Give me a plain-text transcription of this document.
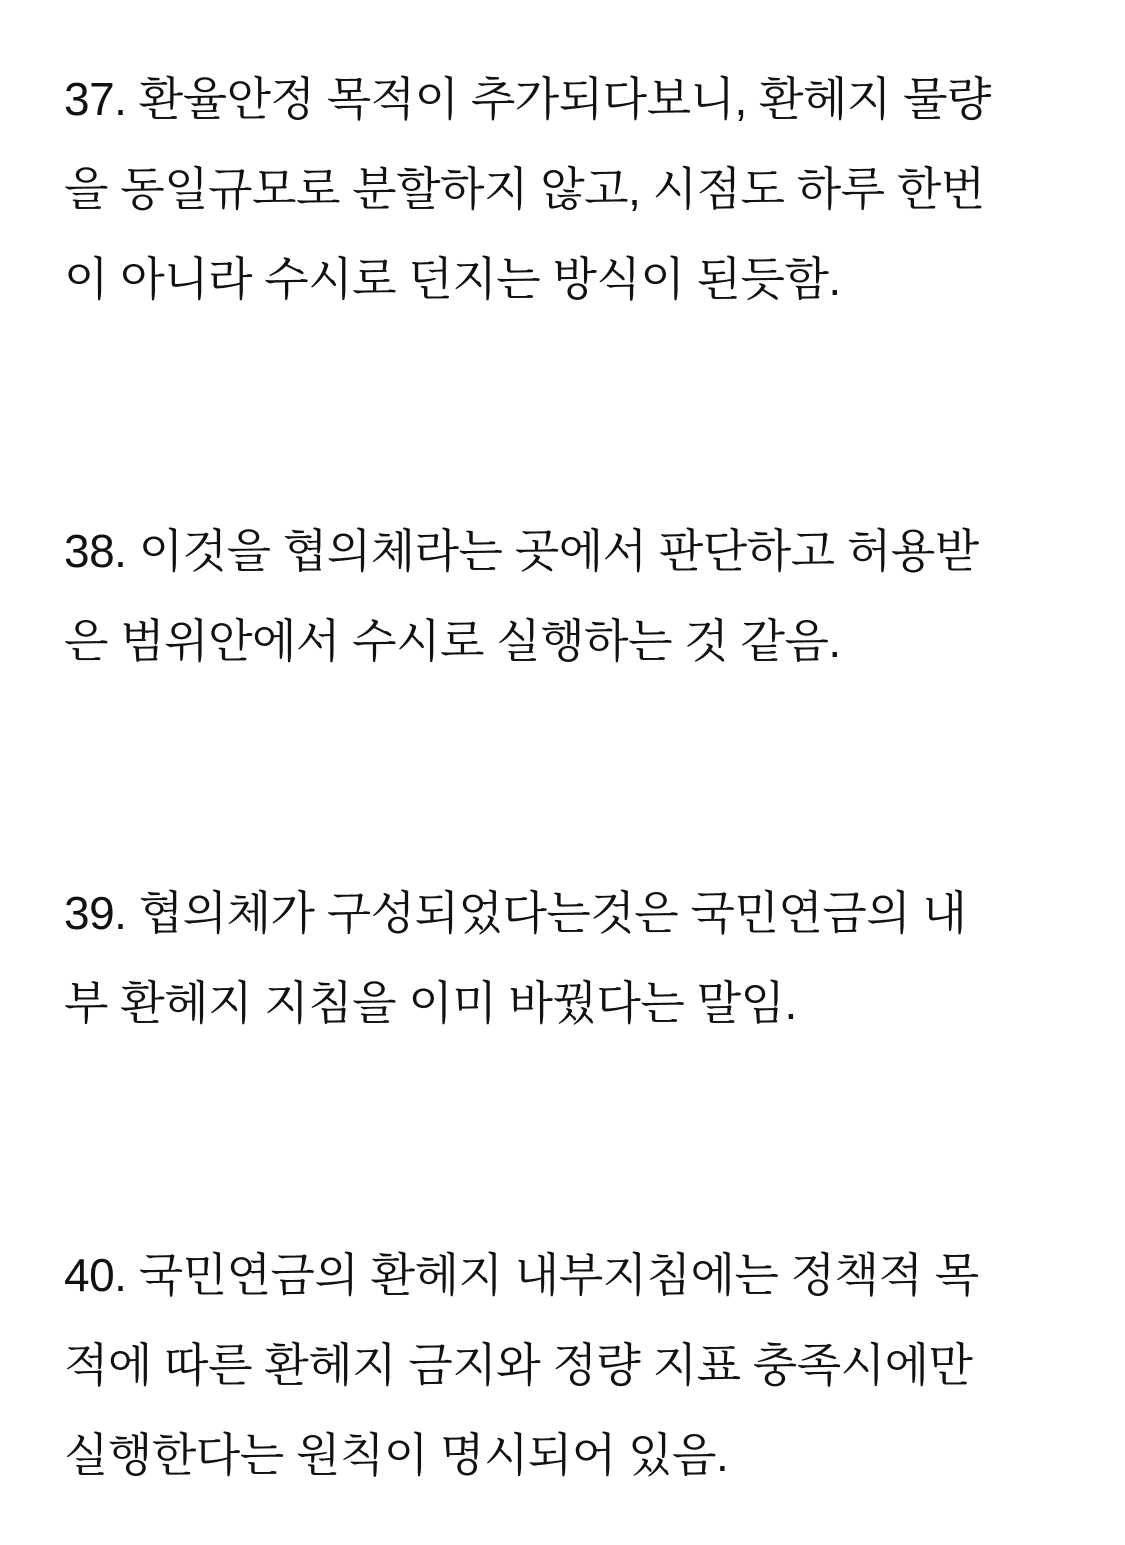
37. 환율안정 목적이 추가되다보니, 환헤지 물량
을 동일규모로 분할하지 않고, 시점도 하루 한번
이 아니라 수시로 던지는 방식이 된듯함.

38. 이것을 협의체라는 곳에서 판단하고 허용받
은 범위안에서 수시로 실행하는 것 같음.

39. 협의체가 구성되었다는것은 국민연금의 내
부 환헤지 지침을 이미 바꿨다는 말임.

40. 국민연금의 환헤지 내부지침에는 정책적 목
적에 따른 환헤지 금지와 정량 지표 충족시에만
실행한다는 원칙이 명시되어 있음.
